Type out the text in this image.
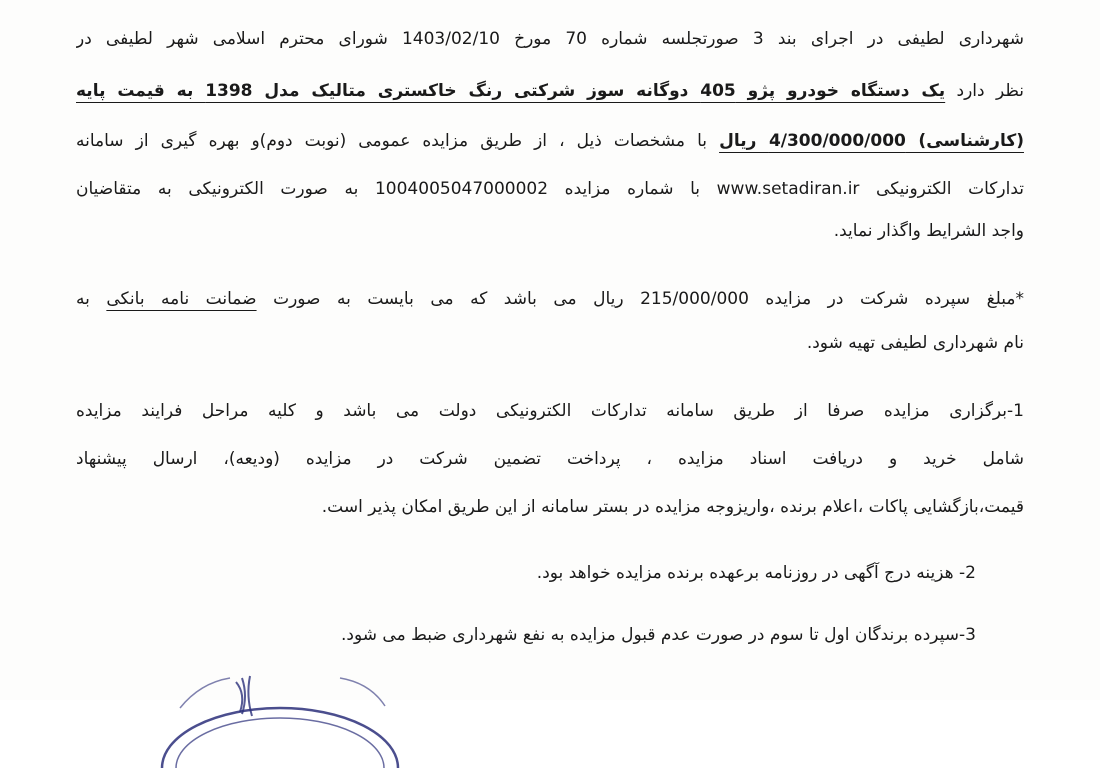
شهرداری لطیفی در اجرای بند 3 صورتجلسه شماره 70 مورخ 1403/02/10 شورای محترم اسلامی شهر لطیفی در
نظر دارد یک دستگاه خودرو پژو 405 دوگانه سوز شرکتی رنگ خاکستری متالیک مدل 1398 به قیمت پایه
(کارشناسی) 4/300/000/000 ریال با مشخصات ذیل ، از طریق مزایده عمومی (نوبت دوم)و بهره گیری از سامانه
تدارکات الکترونیکی www.setadiran.ir با شماره مزایده 1004005047000002 به صورت الکترونیکی به متقاضیان
واجد الشرایط واگذار نماید.
*مبلغ سپرده شرکت در مزایده 215/000/000 ریال می باشد که می بایست به صورت ضمانت نامه بانکی به
نام شهرداری لطیفی تهیه شود.
1-برگزاری مزایده صرفا از طریق سامانه تدارکات الکترونیکی دولت می باشد و کلیه مراحل فرایند مزایده
شامل خرید و دریافت اسناد مزایده ، پرداخت تضمین شرکت در مزایده (ودیعه)، ارسال پیشنهاد
قیمت،بازگشایی پاکات ،اعلام برنده ،واریزوجه مزایده در بستر سامانه از این طریق امکان پذیر است.
2- هزینه درج آگهی در روزنامه برعهده برنده مزایده خواهد بود.
3-سپرده برندگان اول تا سوم در صورت عدم قبول مزایده به نفع شهرداری ضبط می شود.
